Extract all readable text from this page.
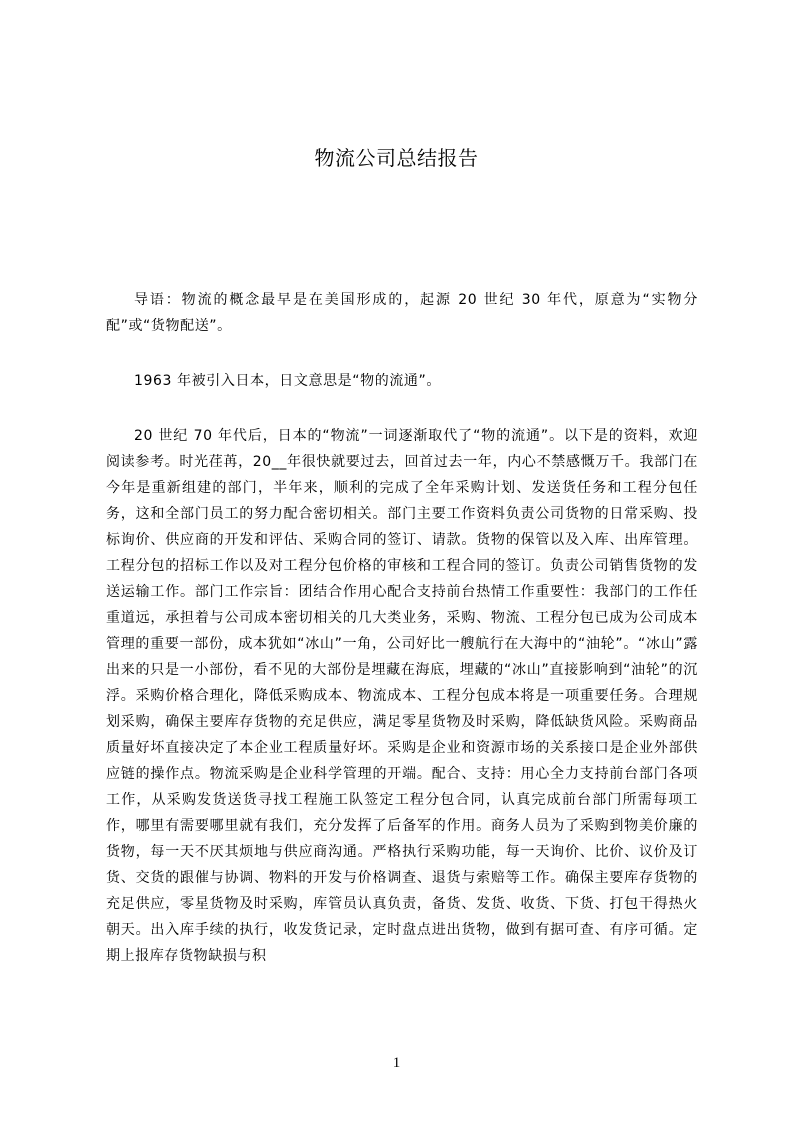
物流公司总结报告

导语：物流的概念最早是在美国形成的，起源 20 世纪 30 年代，原意为“实物分配”或“货物配送”。

1963 年被引入日本，日文意思是“物的流通”。

20 世纪 70 年代后，日本的“物流”一词逐渐取代了“物的流通”。以下是的资料，欢迎阅读参考。时光荏苒，20__年很快就要过去，回首过去一年，内心不禁感慨万千。我部门在今年是重新组建的部门，半年来，顺利的完成了全年采购计划、发送货任务和工程分包任务，这和全部门员工的努力配合密切相关。部门主要工作资料负责公司货物的日常采购、投标询价、供应商的开发和评估、采购合同的签订、请款。货物的保管以及入库、出库管理。工程分包的招标工作以及对工程分包价格的审核和工程合同的签订。负责公司销售货物的发送运输工作。部门工作宗旨：团结合作用心配合支持前台热情工作重要性：我部门的工作任重道远，承担着与公司成本密切相关的几大类业务，采购、物流、工程分包已成为公司成本管理的重要一部份，成本犹如“冰山”一角，公司好比一艘航行在大海中的“油轮”。“冰山”露出来的只是一小部份，看不见的大部份是埋藏在海底，埋藏的“冰山”直接影响到“油轮”的沉浮。采购价格合理化，降低采购成本、物流成本、工程分包成本将是一项重要任务。合理规划采购，确保主要库存货物的充足供应，满足零星货物及时采购，降低缺货风险。采购商品质量好坏直接决定了本企业工程质量好坏。采购是企业和资源市场的关系接口是企业外部供应链的操作点。物流采购是企业科学管理的开端。配合、支持：用心全力支持前台部门各项工作，从采购发货送货寻找工程施工队签定工程分包合同，认真完成前台部门所需每项工作，哪里有需要哪里就有我们，充分发挥了后备军的作用。商务人员为了采购到物美价廉的货物，每一天不厌其烦地与供应商沟通。严格执行采购功能，每一天询价、比价、议价及订货、交货的跟催与协调、物料的开发与价格调查、退货与索赔等工作。确保主要库存货物的充足供应，零星货物及时采购，库管员认真负责，备货、发货、收货、下货、打包干得热火朝天。出入库手续的执行，收发货记录，定时盘点进出货物，做到有据可查、有序可循。定期上报库存货物缺损与积

1
